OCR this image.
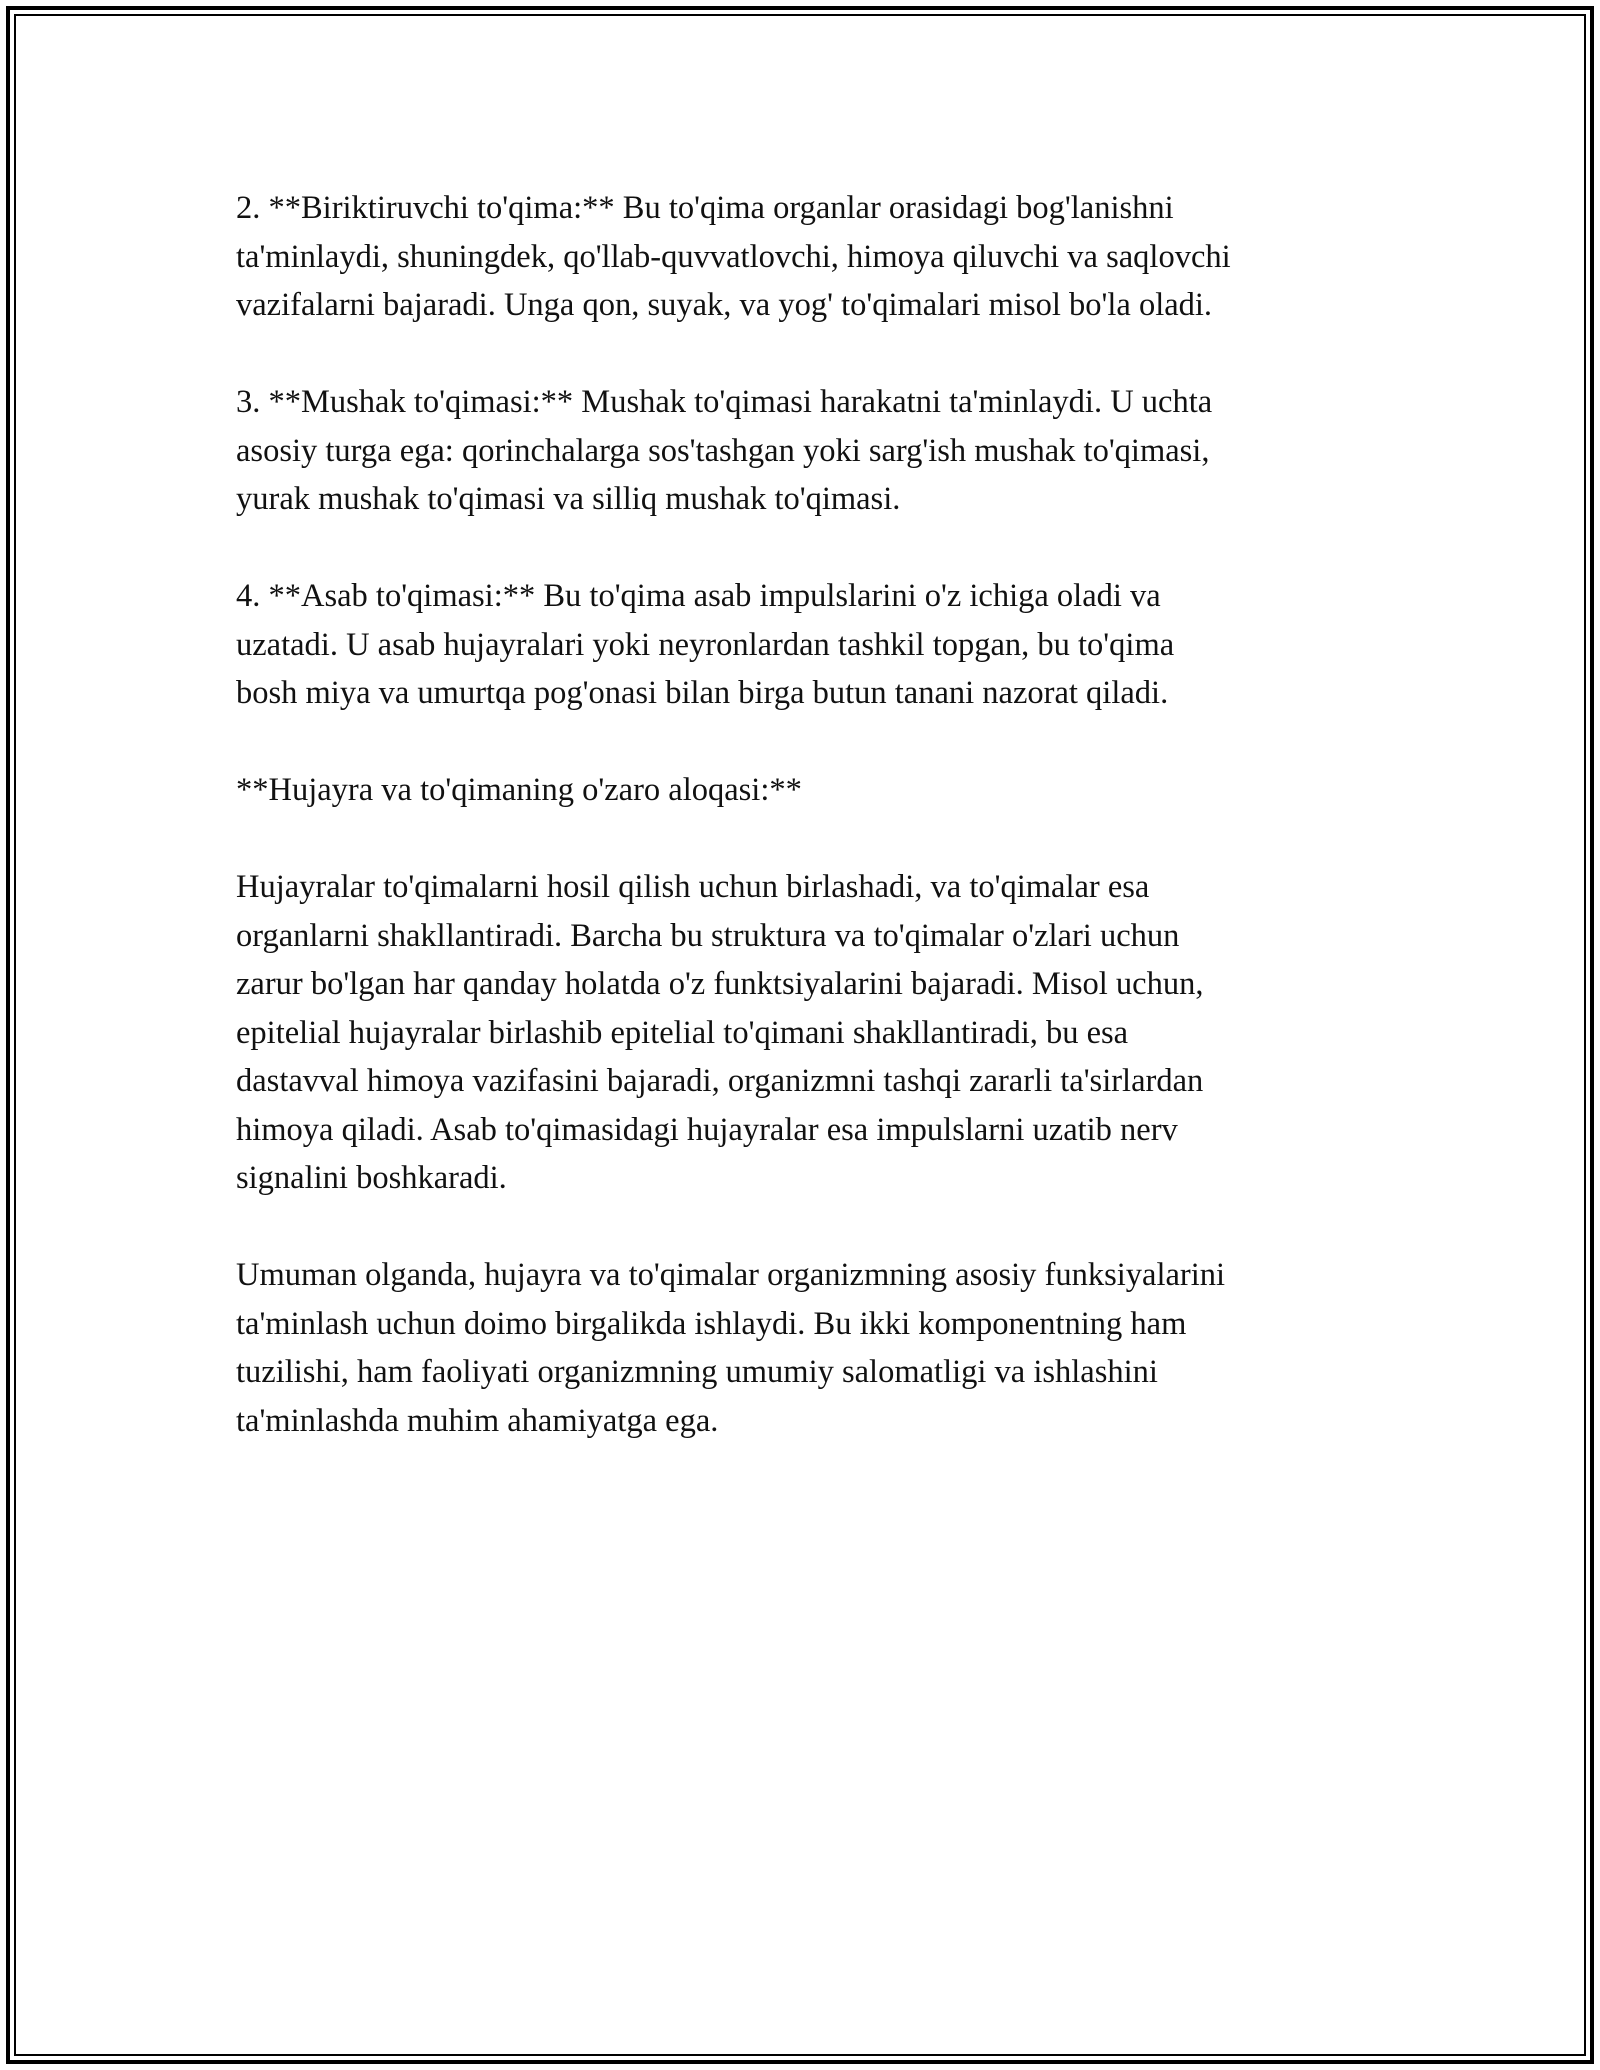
2. **Biriktiruvchi to'qima:** Bu to'qima organlar orasidagi bog'lanishni
ta'minlaydi, shuningdek, qo'llab-quvvatlovchi, himoya qiluvchi va saqlovchi
vazifalarni bajaradi. Unga qon, suyak, va yog' to'qimalari misol bo'la oladi.

3. **Mushak to'qimasi:** Mushak to'qimasi harakatni ta'minlaydi. U uchta
asosiy turga ega: qorinchalarga sos'tashgan yoki sarg'ish mushak to'qimasi,
yurak mushak to'qimasi va silliq mushak to'qimasi.

4. **Asab to'qimasi:** Bu to'qima asab impulslarini o'z ichiga oladi va
uzatadi. U asab hujayralari yoki neyronlardan tashkil topgan, bu to'qima
bosh miya va umurtqa pog'onasi bilan birga butun tanani nazorat qiladi.

**Hujayra va to'qimaning o'zaro aloqasi:**

Hujayralar to'qimalarni hosil qilish uchun birlashadi, va to'qimalar esa
organlarni shakllantiradi. Barcha bu struktura va to'qimalar o'zlari uchun
zarur bo'lgan har qanday holatda o'z funktsiyalarini bajaradi. Misol uchun,
epitelial hujayralar birlashib epitelial to'qimani shakllantiradi, bu esa
dastavval himoya vazifasini bajaradi, organizmni tashqi zararli ta'sirlardan
himoya qiladi. Asab to'qimasidagi hujayralar esa impulslarni uzatib nerv
signalini boshkaradi.

Umuman olganda, hujayra va to'qimalar organizmning asosiy funksiyalarini
ta'minlash uchun doimo birgalikda ishlaydi. Bu ikki komponentning ham
tuzilishi, ham faoliyati organizmning umumiy salomatligi va ishlashini
ta'minlashda muhim ahamiyatga ega.
